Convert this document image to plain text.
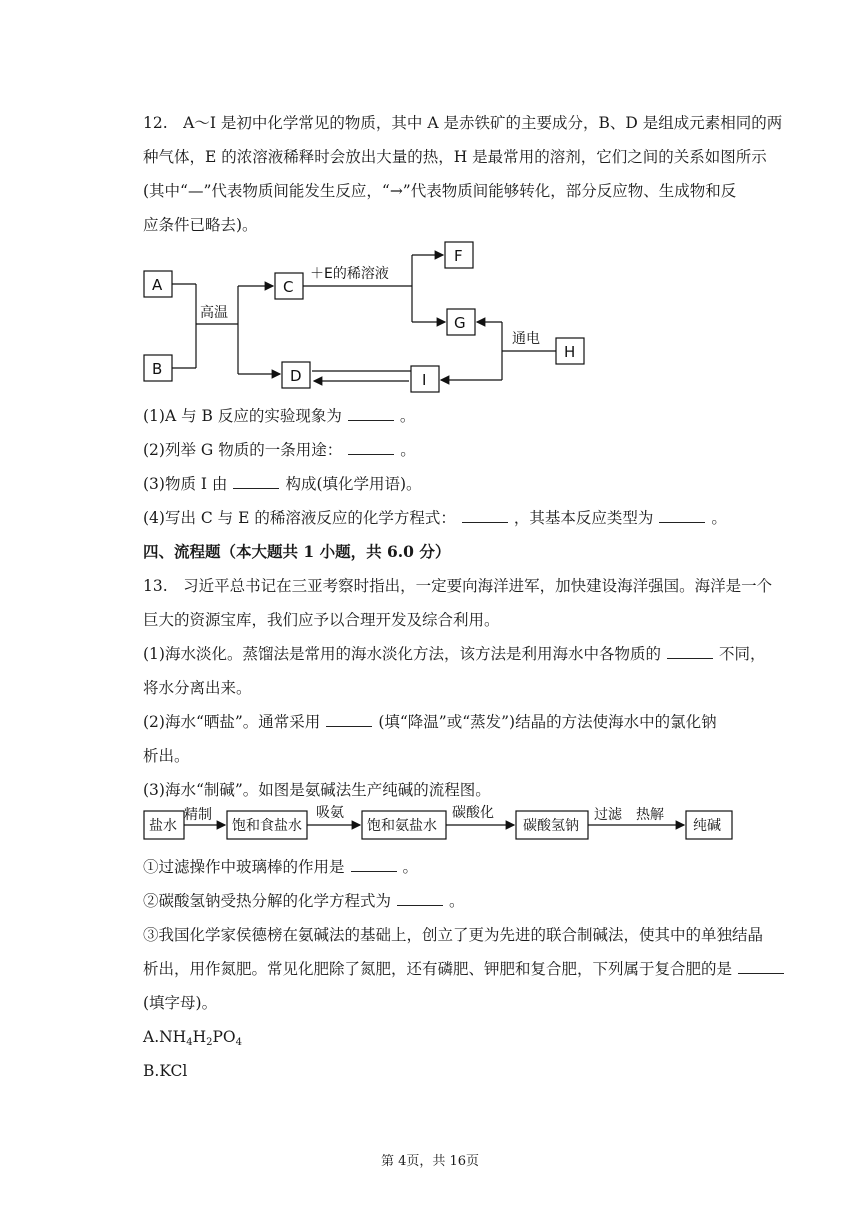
12.　A～I 是初中化学常见的物质，其中 A 是赤铁矿的主要成分，B、D 是组成元素相同的两
种气体，E 的浓溶液稀释时会放出大量的热，H 是最常用的溶剂，它们之间的关系如图所示
(其中“—”代表物质间能发生反应，“→”代表物质间能够转化，部分反应物、生成物和反
应条件已略去)。
A
B
C
D
F
G
H
I
高温
＋E的稀溶液
通电
(1)A 与 B 反应的实验现象为	。
(2)列举 G 物质的一条用途：	。
(3)物质 I 由	构成(填化学用语)。
(4)写出 C 与 E 的稀溶液反应的化学方程式：	，其基本反应类型为	。
四、流程题（本大题共 1 小题，共 6.0 分）
13.　习近平总书记在三亚考察时指出，一定要向海洋进军，加快建设海洋强国。海洋是一个
巨大的资源宝库，我们应予以合理开发及综合利用。
(1)海水淡化。蒸馏法是常用的海水淡化方法，该方法是利用海水中各物质的	不同，
将水分离出来。
(2)海水“晒盐”。通常采用	(填“降温”或“蒸发”)结晶的方法使海水中的氯化钠
析出。
(3)海水“制碱”。如图是氨碱法生产纯碱的流程图。
盐水	饱和食盐水	饱和氨盐水	碳酸氢钠	纯碱
精制	吸氨	碳酸化	过滤　热解
①过滤操作中玻璃棒的作用是	。
②碳酸氢钠受热分解的化学方程式为	。
③我国化学家侯德榜在氨碱法的基础上，创立了更为先进的联合制碱法，使其中的单独结晶
析出，用作氮肥。常见化肥除了氮肥，还有磷肥、钾肥和复合肥，下列属于复合肥的是
(填字母)。
$A.NH_4H_2PO_4$
B.KCl
第 4页，共 16页
